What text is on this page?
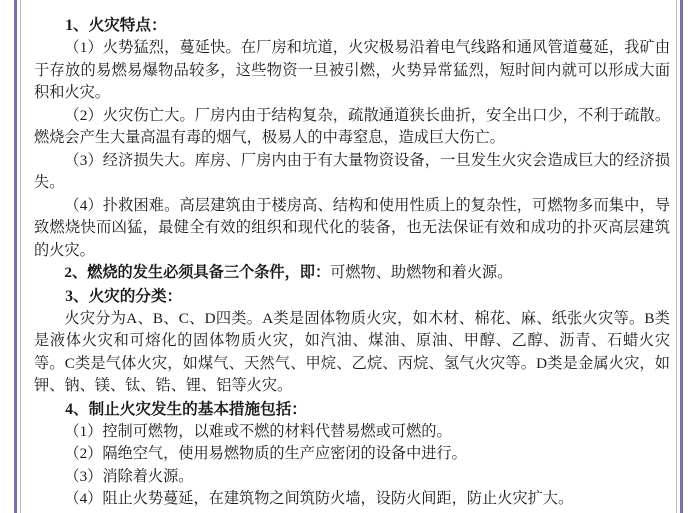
1、火灾特点：

（1）火势猛烈，蔓延快。在厂房和坑道，火灾极易沿着电气线路和通风管道蔓延，我矿由于存放的易燃易爆物品较多，这些物资一旦被引燃，火势异常猛烈，短时间内就可以形成大面积和火灾。

（2）火灾伤亡大。厂房内由于结构复杂，疏散通道狭长曲折，安全出口少，不利于疏散。燃烧会产生大量高温有毒的烟气，极易人的中毒窒息，造成巨大伤亡。

（3）经济损失大。库房、厂房内由于有大量物资设备，一旦发生火灾会造成巨大的经济损失。

（4）扑救困难。高层建筑由于楼房高、结构和使用性质上的复杂性，可燃物多而集中，导致燃烧快而凶猛，最健全有效的组织和现代化的装备，也无法保证有效和成功的扑灭高层建筑的火灾。

2、燃烧的发生必须具备三个条件，即：可燃物、助燃物和着火源。

3、火灾的分类：

火灾分为A、B、C、D四类。A类是固体物质火灾，如木材、棉花、麻、纸张火灾等。B类是液体火灾和可熔化的固体物质火灾，如汽油、煤油、原油、甲醇、乙醇、沥青、石蜡火灾等。C类是气体火灾，如煤气、天然气、甲烷、乙烷、丙烷、氢气火灾等。D类是金属火灾，如钾、钠、镁、钛、锆、锂、铝等火灾。

4、制止火灾发生的基本措施包括：

（1）控制可燃物，以难或不燃的材料代替易燃或可燃的。

（2）隔绝空气，使用易燃物质的生产应密闭的设备中进行。

（3）消除着火源。

（4）阻止火势蔓延，在建筑物之间筑防火墙，设防火间距，防止火灾扩大。
